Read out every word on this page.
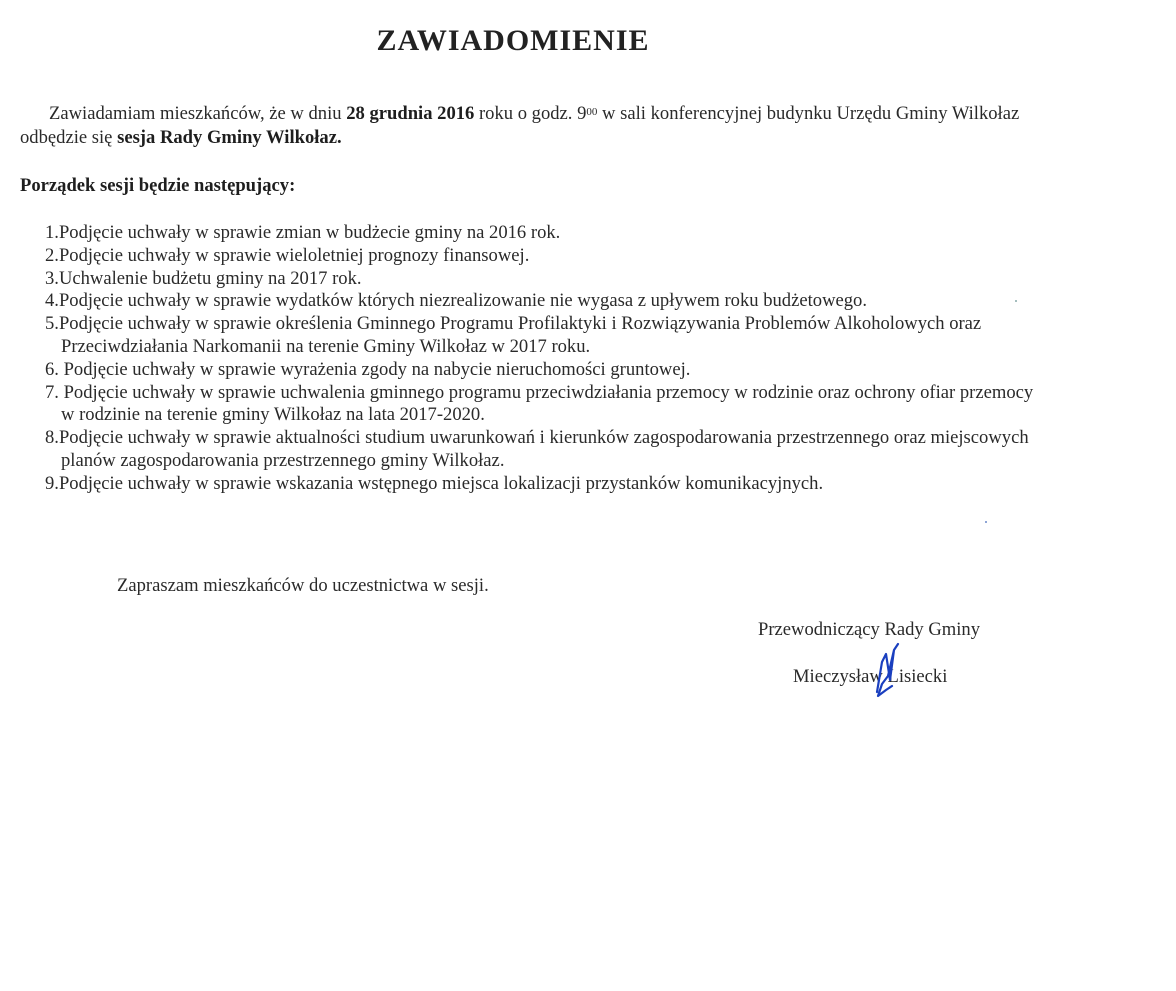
ZAWIADOMIENIE
Zawiadamiam mieszkańców, że w dniu 28 grudnia 2016 roku o godz. $9^{00}$ w sali konferencyjnej budynku Urzędu Gminy Wilkołaz
odbędzie się sesja Rady Gminy Wilkołaz.
Porządek sesji będzie następujący:
1.Podjęcie uchwały w sprawie zmian w budżecie gminy na 2016 rok.
2.Podjęcie uchwały w sprawie wieloletniej prognozy finansowej.
3.Uchwalenie budżetu gminy na 2017 rok.
4.Podjęcie uchwały w sprawie wydatków których niezrealizowanie nie wygasa z upływem roku budżetowego.
5.Podjęcie uchwały w sprawie określenia Gminnego Programu Profilaktyki i Rozwiązywania Problemów Alkoholowych oraz
Przeciwdziałania Narkomanii na terenie Gminy Wilkołaz w 2017 roku.
6. Podjęcie uchwały w sprawie wyrażenia zgody na nabycie nieruchomości gruntowej.
7. Podjęcie uchwały w sprawie uchwalenia gminnego programu przeciwdziałania przemocy w rodzinie oraz ochrony ofiar przemocy
w rodzinie na terenie gminy Wilkołaz na lata 2017-2020.
8.Podjęcie uchwały w sprawie aktualności studium uwarunkowań i kierunków zagospodarowania przestrzennego oraz miejscowych
planów zagospodarowania przestrzennego gminy Wilkołaz.
9.Podjęcie uchwały w sprawie wskazania wstępnego miejsca lokalizacji przystanków komunikacyjnych.
Zapraszam mieszkańców do uczestnictwa w sesji.
Przewodniczący Rady Gminy
Mieczysław Lisiecki
